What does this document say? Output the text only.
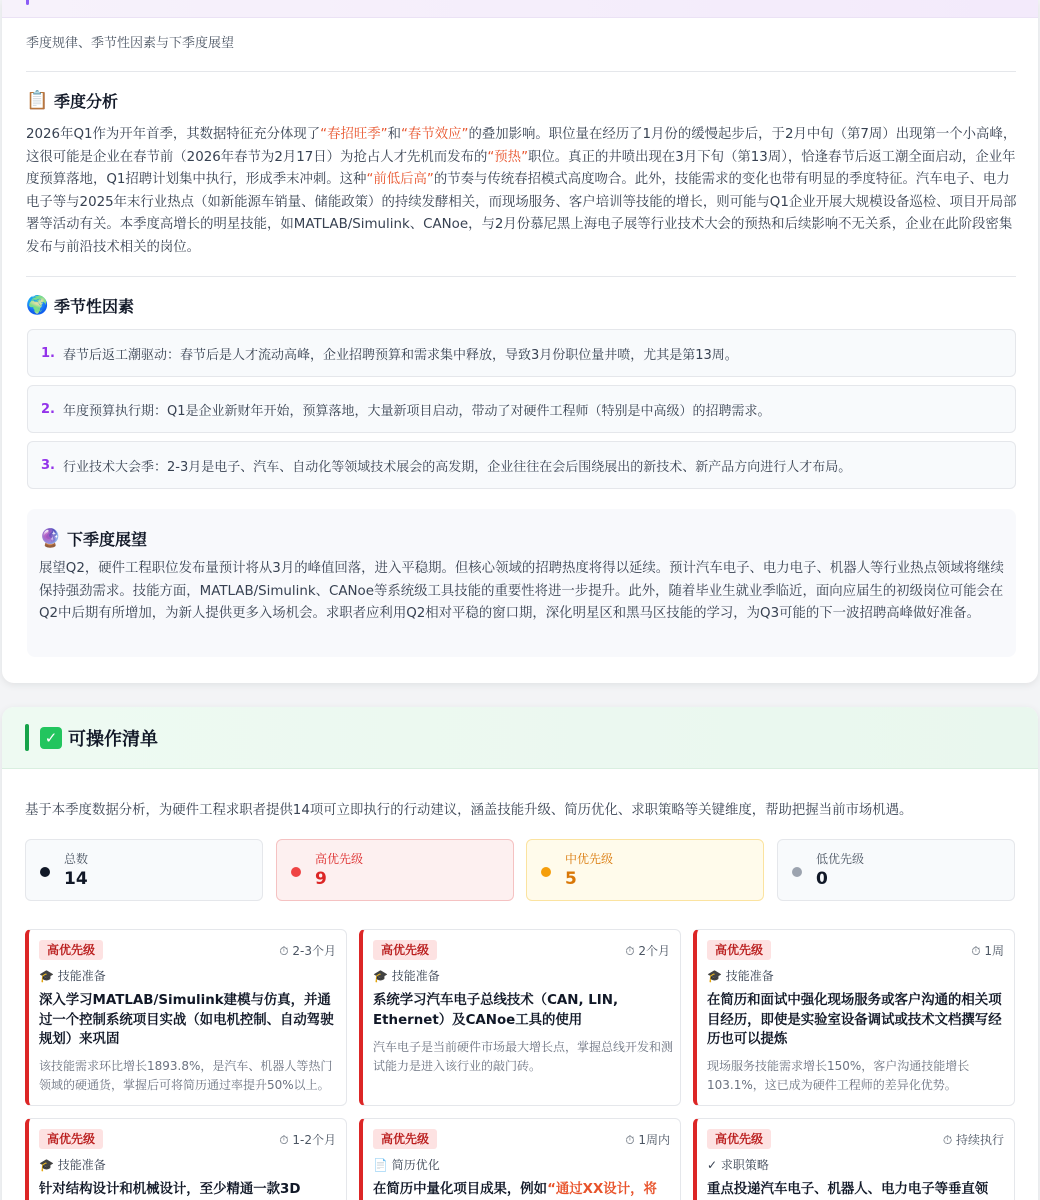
季度规律、季节性因素与下季度展望
📋 季度分析
2026年Q1作为开年首季，其数据特征充分体现了“春招旺季”和“春节效应”的叠加影响。职位量在经历了1月份的缓慢起步后，于2月中旬（第7周）出现第一个小高峰，这很可能是企业在春节前（2026年春节为2月17日）为抢占人才先机而发布的“预热”职位。真正的井喷出现在3月下旬（第13周），恰逢春节后返工潮全面启动，企业年度预算落地，Q1招聘计划集中执行，形成季末冲刺。这种“前低后高”的节奏与传统春招模式高度吻合。此外，技能需求的变化也带有明显的季度特征。汽车电子、电力电子等与2025年末行业热点（如新能源车销量、储能政策）的持续发酵相关，而现场服务、客户培训等技能的增长，则可能与Q1企业开展大规模设备巡检、项目开局部署等活动有关。本季度高增长的明星技能，如MATLAB/Simulink、CANoe，与2月份慕尼黑上海电子展等行业技术大会的预热和后续影响不无关系，企业在此阶段密集发布与前沿技术相关的岗位。
🌍 季节性因素
1. 春节后返工潮驱动：春节后是人才流动高峰，企业招聘预算和需求集中释放，导致3月份职位量井喷，尤其是第13周。
2. 年度预算执行期：Q1是企业新财年开始，预算落地，大量新项目启动，带动了对硬件工程师（特别是中高级）的招聘需求。
3. 行业技术大会季：2-3月是电子、汽车、自动化等领域技术展会的高发期，企业往往在会后围绕展出的新技术、新产品方向进行人才布局。
🔮 下季度展望
展望Q2，硬件工程职位发布量预计将从3月的峰值回落，进入平稳期。但核心领域的招聘热度将得以延续。预计汽车电子、电力电子、机器人等行业热点领域将继续保持强劲需求。技能方面，MATLAB/Simulink、CANoe等系统级工具技能的重要性将进一步提升。此外，随着毕业生就业季临近，面向应届生的初级岗位可能会在Q2中后期有所增加，为新人提供更多入场机会。求职者应利用Q2相对平稳的窗口期，深化明星区和黑马区技能的学习，为Q3可能的下一波招聘高峰做好准备。
✓ 可操作清单
基于本季度数据分析，为硬件工程求职者提供14项可立即执行的行动建议，涵盖技能升级、简历优化、求职策略等关键维度，帮助把握当前市场机遇。
总数
14
高优先级
9
中优先级
5
低优先级
0
高优先级	⏱ 2-3个月
🎓 技能准备
深入学习MATLAB/Simulink建模与仿真，并通过一个控制系统项目实战（如电机控制、自动驾驶规划）来巩固
该技能需求环比增长1893.8%，是汽车、机器人等热门领域的硬通货，掌握后可将简历通过率提升50%以上。
高优先级	⏱ 2个月
🎓 技能准备
系统学习汽车电子总线技术（CAN, LIN, Ethernet）及CANoe工具的使用
汽车电子是当前硬件市场最大增长点，掌握总线开发和测试能力是进入该行业的敲门砖。
高优先级	⏱ 1周
🎓 技能准备
在简历和面试中强化现场服务或客户沟通的相关项目经历，即使是实验室设备调试或技术文档撰写经历也可以提炼
现场服务技能需求增长150%，客户沟通技能增长103.1%，这已成为硬件工程师的差异化优势。
高优先级	⏱ 1-2个月
🎓 技能准备
针对结构设计和机械设计，至少精通一款3D
高优先级	⏱ 1周内
📄 简历优化
在简历中量化项目成果，例如“通过XX设计，将
高优先级	⏱ 持续执行
✓ 求职策略
重点投递汽车电子、机器人、电力电子等垂直领
